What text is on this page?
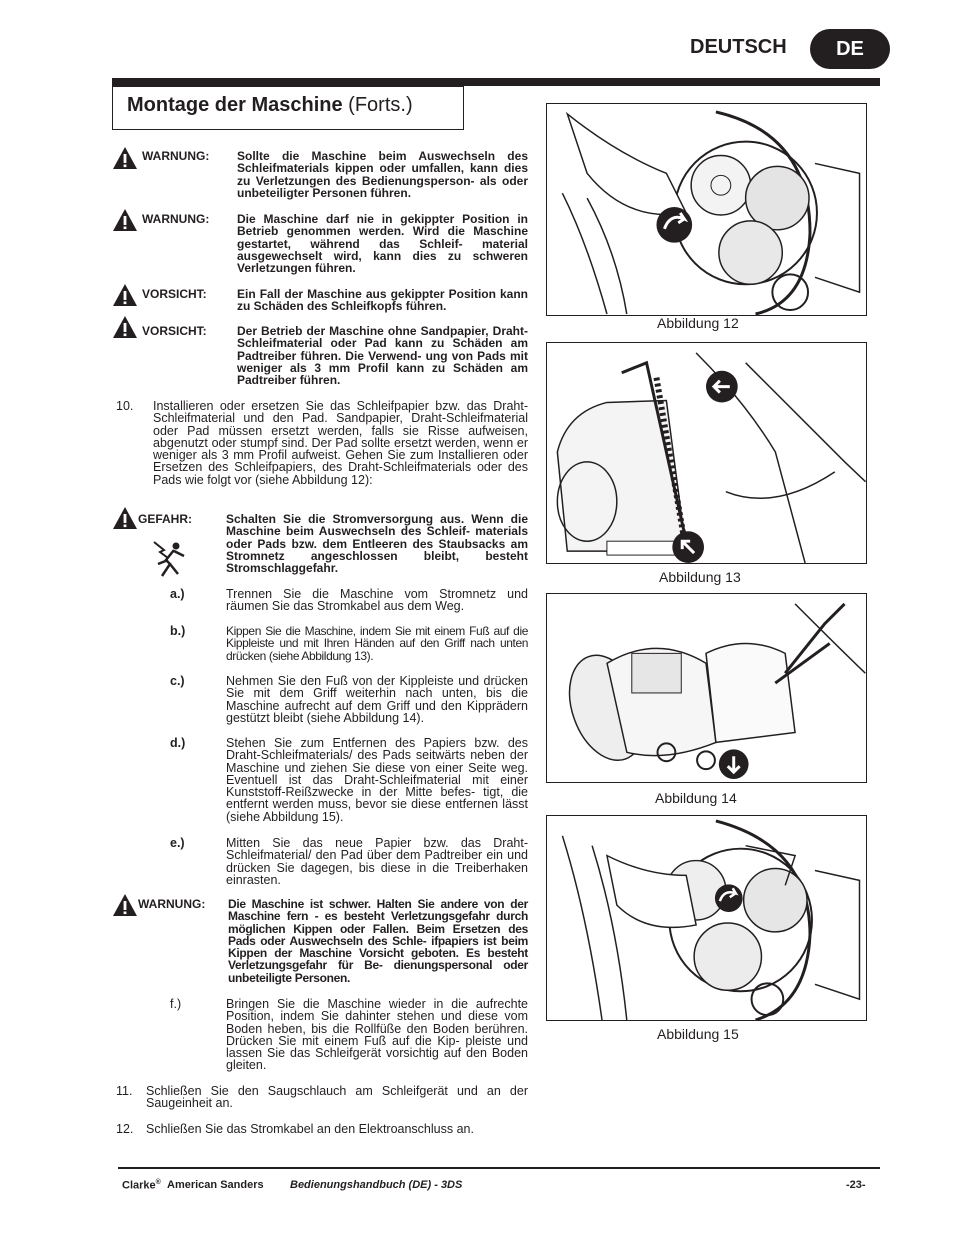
DEUTSCH	DE
Montage der Maschine (Forts.)
WARNUNG: Sollte die Maschine beim Auswechseln des Schleifmaterials kippen oder umfallen, kann dies zu Verletzungen des Bedienungsperson- als oder unbeteiligter Personen führen.
WARNUNG: Die Maschine darf nie in gekippter Position in Betrieb genommen werden. Wird die Maschine gestartet, während das Schleif- material ausgewechselt wird, kann dies zu schweren Verletzungen führen.
VORSICHT:	Ein Fall der Maschine aus gekippter Position kann zu Schäden des Schleifkopfs führen.
VORSICHT:	Der Betrieb der Maschine ohne Sandpapier, Draht-Schleifmaterial oder Pad kann zu Schäden am Padtreiber führen. Die Verwend- ung von Pads mit weniger als 3 mm Profil kann zu Schäden am Padtreiber führen.
10. Installieren oder ersetzen Sie das Schleifpapier bzw. das Draht-Schleifmaterial und den Pad. Sandpapier, Draht-Schleifmaterial oder Pad müssen ersetzt werden, falls sie Risse aufweisen, abgenutzt oder stumpf sind. Der Pad sollte ersetzt werden, wenn er weniger als 3 mm Profil aufweist. Gehen Sie zum Installieren oder Ersetzen des Schleifpapiers, des Draht-Schleifmaterials oder des Pads wie folgt vor (siehe Abbildung 12):
GEFAHR:	Schalten Sie die Stromversorgung aus. Wenn die Maschine beim Auswechseln des Schleif- materials oder Pads bzw. dem Entleeren des Staubsacks am Stromnetz angeschlossen bleibt, besteht Stromschlaggefahr.
a.)	Trennen Sie die Maschine vom Stromnetz und räumen Sie das Stromkabel aus dem Weg.
b.)	Kippen Sie die Maschine, indem Sie mit einem Fuß auf die Kippleiste und mit Ihren Händen auf den Griff nach unten drücken (siehe Abbildung 13).
c.)	Nehmen Sie den Fuß von der Kippleiste und drücken Sie mit dem Griff weiterhin nach unten, bis die Maschine aufrecht auf dem Griff und den Kipprädern gestützt bleibt (siehe Abbildung 14).
d.)	Stehen Sie zum Entfernen des Papiers bzw. des Draht-Schleifmaterials/ des Pads seitwärts neben der Maschine und ziehen Sie diese von einer Seite weg. Eventuell ist das Draht-Schleifmaterial mit einer Kunststoff-Reißzwecke in der Mitte befes- tigt, die entfernt werden muss, bevor sie diese entfernen lässt (siehe Abbildung 15).
e.)	Mitten Sie das neue Papier bzw. das Draht-Schleifmaterial/ den Pad über dem Padtreiber ein und drücken Sie dagegen, bis diese in die Treiberhaken einrasten.
WARNUNG: Die Maschine ist schwer. Halten Sie andere von der Maschine fern - es besteht Verletzungsgefahr durch möglichen Kippen oder Fallen. Beim Ersetzen des Pads oder Auswechseln des Schle- ifpapiers ist beim Kippen der Maschine Vorsicht geboten. Es besteht Verletzungsgefahr für Be- dienungspersonal oder unbeteiligte Personen.
f.)	Bringen Sie die Maschine wieder in die aufrechte Position, indem Sie dahinter stehen und diese vom Boden heben, bis die Rollfüße den Boden berühren. Drücken Sie mit einem Fuß auf die Kip- pleiste und lassen Sie das Schleifgerät vorsichtig auf den Boden gleiten.
11. Schließen Sie den Saugschlauch am Schleifgerät und an der Saugeinheit an.
12. Schließen Sie das Stromkabel an den Elektroanschluss an.
Abbildung 12
Abbildung 13
Abbildung 14
Abbildung 15
Clarke® American Sanders Bedienungshandbuch (DE) - 3DS	-23-
